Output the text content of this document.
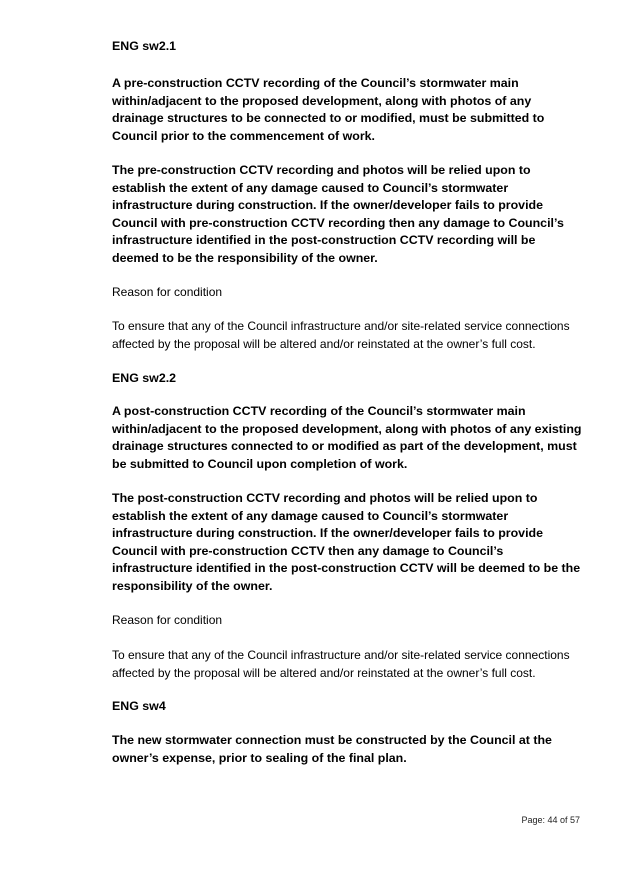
ENG sw2.1

A pre-construction CCTV recording of the Council’s stormwater main within/adjacent to the proposed development, along with photos of any drainage structures to be connected to or modified, must be submitted to Council prior to the commencement of work.

The pre-construction CCTV recording and photos will be relied upon to establish the extent of any damage caused to Council’s stormwater infrastructure during construction. If the owner/developer fails to provide Council with pre-construction CCTV recording then any damage to Council’s infrastructure identified in the post-construction CCTV recording will be deemed to be the responsibility of the owner.

Reason for condition

To ensure that any of the Council infrastructure and/or site-related service connections affected by the proposal will be altered and/or reinstated at the owner’s full cost.

ENG sw2.2

A post-construction CCTV recording of the Council’s stormwater main within/adjacent to the proposed development, along with photos of any existing drainage structures connected to or modified as part of the development, must be submitted to Council upon completion of work.

The post-construction CCTV recording and photos will be relied upon to establish the extent of any damage caused to Council’s stormwater infrastructure during construction. If the owner/developer fails to provide Council with pre-construction CCTV then any damage to Council’s infrastructure identified in the post-construction CCTV will be deemed to be the responsibility of the owner.

Reason for condition

To ensure that any of the Council infrastructure and/or site-related service connections affected by the proposal will be altered and/or reinstated at the owner’s full cost.

ENG sw4

The new stormwater connection must be constructed by the Council at the owner’s expense, prior to sealing of the final plan.

Page: 44 of 57
